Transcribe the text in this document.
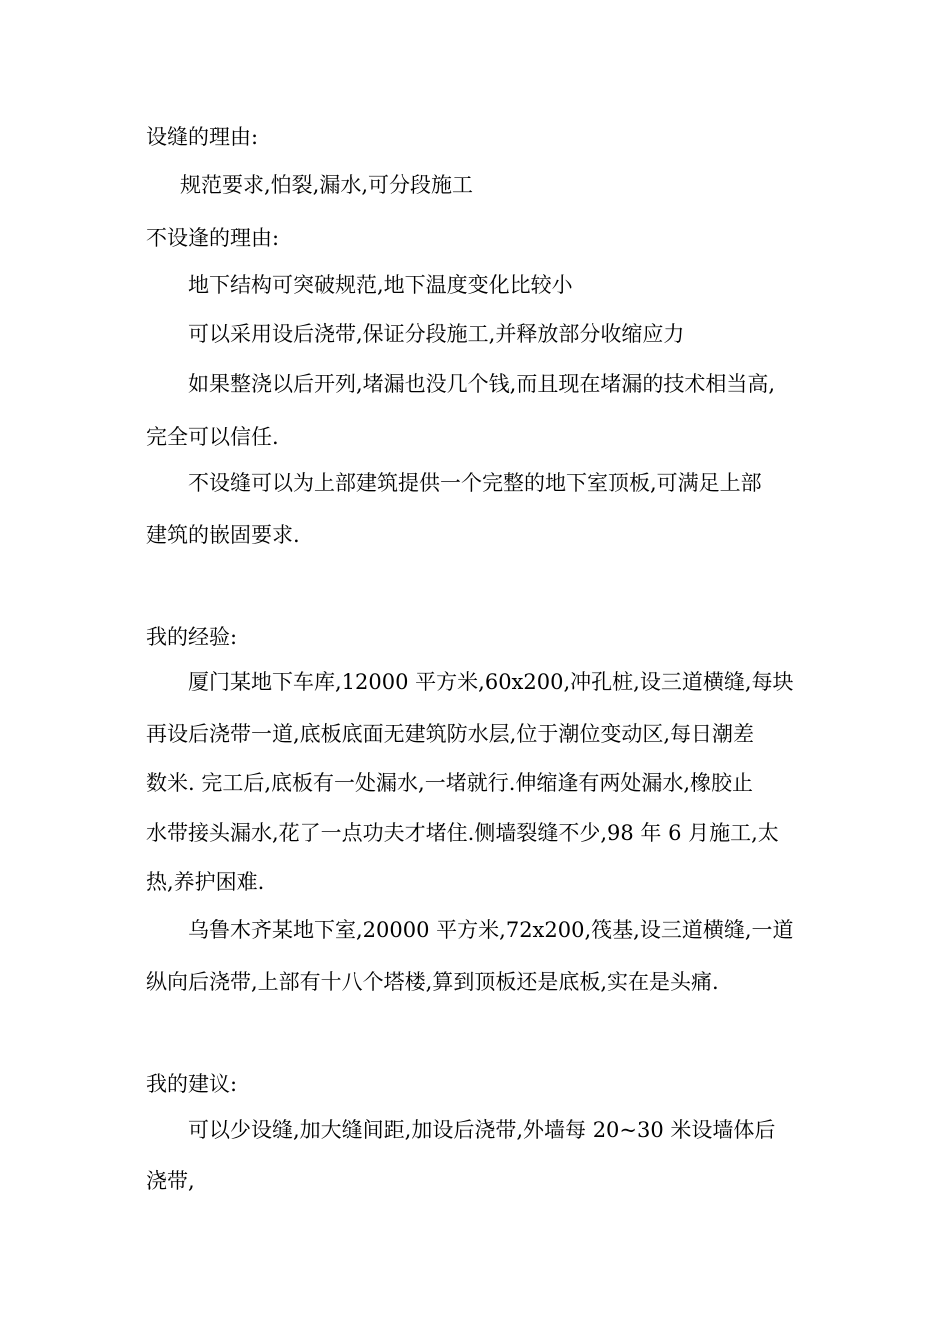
设缝的理由:
规范要求,怕裂,漏水,可分段施工
不设逢的理由:
地下结构可突破规范,地下温度变化比较小
可以采用设后浇带,保证分段施工,并释放部分收缩应力
如果整浇以后开列,堵漏也没几个钱,而且现在堵漏的技术相当高,
完全可以信任.
不设缝可以为上部建筑提供一个完整的地下室顶板,可满足上部
建筑的嵌固要求.
我的经验:
厦门某地下车库,12000 平方米,60x200,冲孔桩,设三道横缝,每块
再设后浇带一道,底板底面无建筑防水层,位于潮位变动区,每日潮差
数米. 完工后,底板有一处漏水,一堵就行.伸缩逢有两处漏水,橡胶止
水带接头漏水,花了一点功夫才堵住.侧墙裂缝不少,98 年 6 月施工,太
热,养护困难.
乌鲁木齐某地下室,20000 平方米,72x200,筏基,设三道横缝,一道
纵向后浇带,上部有十八个塔楼,算到顶板还是底板,实在是头痛.
我的建议:
可以少设缝,加大缝间距,加设后浇带,外墙每 20~30 米设墙体后
浇带,
